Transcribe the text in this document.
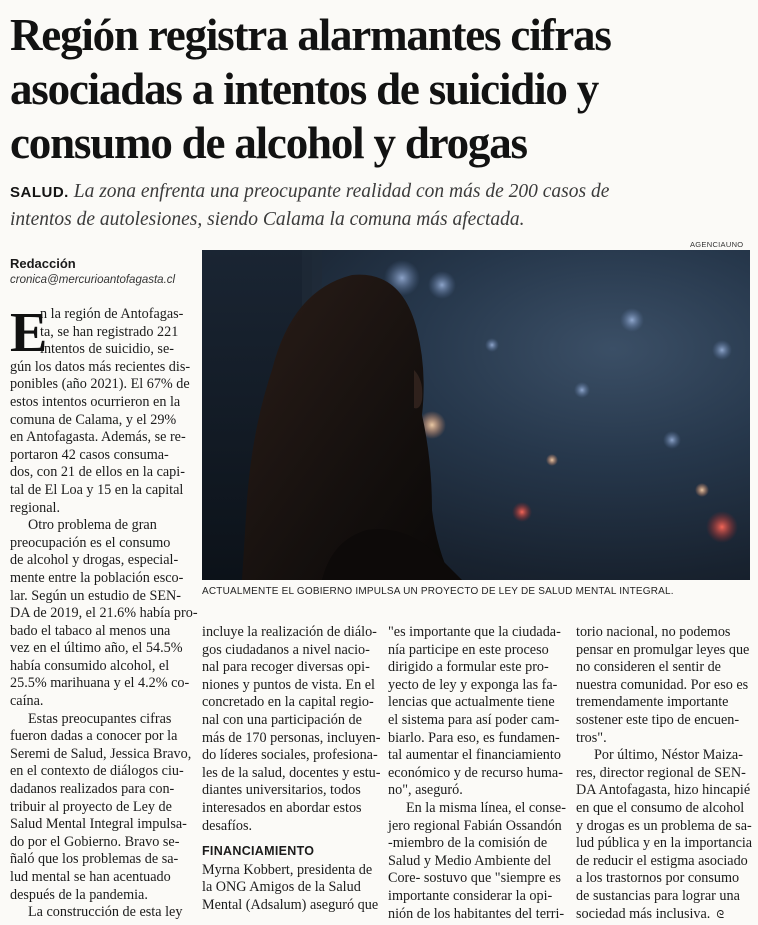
Región registra alarmantes cifras
asociadas a intentos de suicidio y
consumo de alcohol y drogas
SALUD. La zona enfrenta una preocupante realidad con más de 200 casos de
intentos de autolesiones, siendo Calama la comuna más afectada.
Redacción
cronica@mercurioantofagasta.cl
AGENCIAUNO
ACTUALMENTE EL GOBIERNO IMPULSA UN PROYECTO DE LEY DE SALUD MENTAL INTEGRAL.
E
n la región de Antofagas-
ta, se han registrado 221
intentos de suicidio, se-
gún los datos más recientes dis-
ponibles (año 2021). El 67% de
estos intentos ocurrieron en la
comuna de Calama, y el 29%
en Antofagasta. Además, se re-
portaron 42 casos consuma-
dos, con 21 de ellos en la capi-
tal de El Loa y 15 en la capital
regional.
Otro problema de gran
preocupación es el consumo
de alcohol y drogas, especial-
mente entre la población esco-
lar. Según un estudio de SEN-
DA de 2019, el 21.6% había pro-
bado el tabaco al menos una
vez en el último año, el 54.5%
había consumido alcohol, el
25.5% marihuana y el 4.2% co-
caína.
Estas preocupantes cifras
fueron dadas a conocer por la
Seremi de Salud, Jessica Bravo,
en el contexto de diálogos ciu-
dadanos realizados para con-
tribuir al proyecto de Ley de
Salud Mental Integral impulsa-
do por el Gobierno. Bravo se-
ñaló que los problemas de sa-
lud mental se han acentuado
después de la pandemia.
La construcción de esta ley
incluye la realización de diálo-
gos ciudadanos a nivel nacio-
nal para recoger diversas opi-
niones y puntos de vista. En el
concretado en la capital regio-
nal con una participación de
más de 170 personas, incluyen-
do líderes sociales, profesiona-
les de la salud, docentes y estu-
diantes universitarios, todos
interesados en abordar estos
desafíos.
FINANCIAMIENTO
Myrna Kobbert, presidenta de
la ONG Amigos de la Salud
Mental (Adsalum) aseguró que
"es importante que la ciudada-
nía participe en este proceso
dirigido a formular este pro-
yecto de ley y exponga las fa-
lencias que actualmente tiene
el sistema para así poder cam-
biarlo. Para eso, es fundamen-
tal aumentar el financiamiento
económico y de recurso huma-
no", aseguró.
En la misma línea, el conse-
jero regional Fabián Ossandón
-miembro de la comisión de
Salud y Medio Ambiente del
Core- sostuvo que "siempre es
importante considerar la opi-
nión de los habitantes del terri-
torio nacional, no podemos
pensar en promulgar leyes que
no consideren el sentir de
nuestra comunidad. Por eso es
tremendamente importante
sostener este tipo de encuen-
tros".
Por último, Néstor Maiza-
res, director regional de SEN-
DA Antofagasta, hizo hincapié
en que el consumo de alcohol
y drogas es un problema de sa-
lud pública y en la importancia
de reducir el estigma asociado
a los trastornos por consumo
de sustancias para lograr una
sociedad más inclusiva. ᘓ
